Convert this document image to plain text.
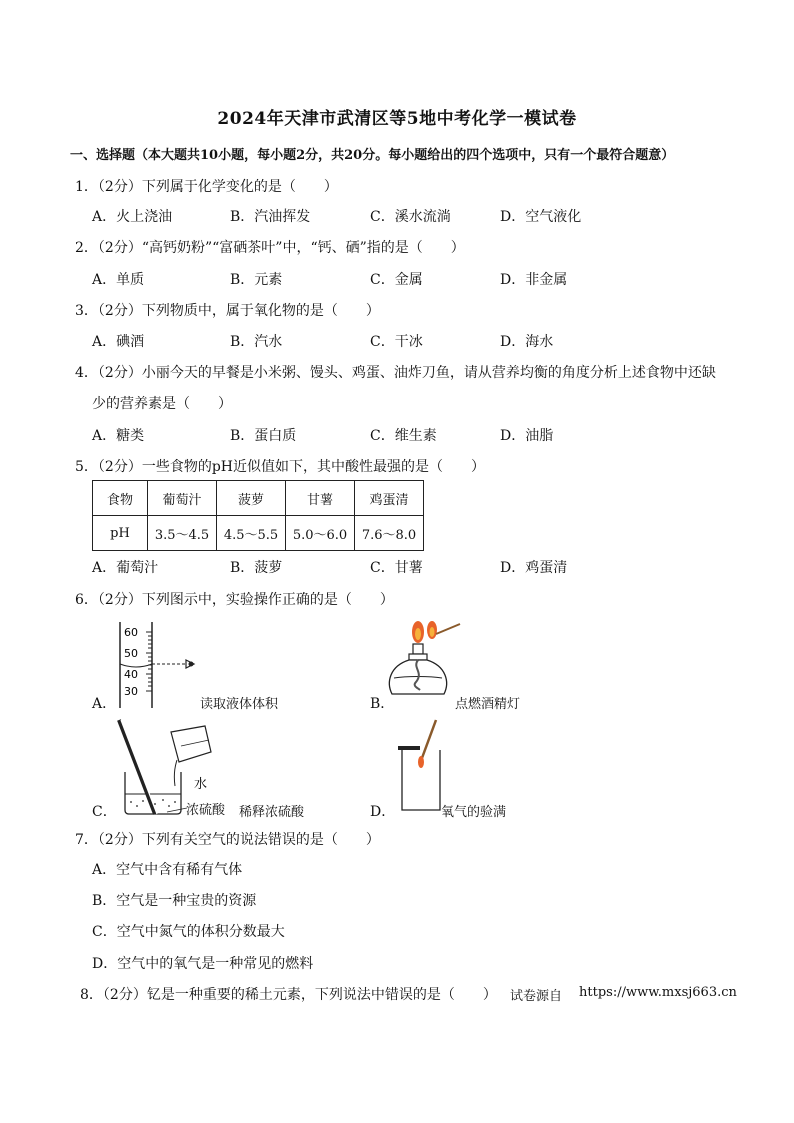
2024年天津市武清区等5地中考化学一模试卷
一、选择题（本大题共10小题，每小题2分，共20分。每小题给出的四个选项中，只有一个最符合题意）
1．（2分）下列属于化学变化的是（　　）
A．火上浇油	B．汽油挥发	C．溪水流淌	D．空气液化
2．（2分）“高钙奶粉”“富硒茶叶”中，“钙、硒”指的是（　　）
A．单质	B．元素	C．金属	D．非金属
3．（2分）下列物质中，属于氧化物的是（　　）
A．碘酒	B．汽水	C．干冰	D．海水
4．（2分）小丽今天的早餐是小米粥、馒头、鸡蛋、油炸刀鱼，请从营养均衡的角度分析上述食物中还缺
少的营养素是（　　）
A．糖类	B．蛋白质	C．维生素	D．油脂
5．（2分）一些食物的pH近似值如下，其中酸性最强的是（　　）
食物	葡萄汁	菠萝	甘薯	鸡蛋清
pH	3.5～4.5	4.5～5.5	5.0～6.0	7.6～8.0
A．葡萄汁	B．菠萝	C．甘薯	D．鸡蛋清
6．（2分）下列图示中，实验操作正确的是（　　）
A．
60
50
40
30
读取液体体积	B．	点燃酒精灯
C．
水
浓硫酸 稀释浓硫酸	D．	氧气的验满
7．（2分）下列有关空气的说法错误的是（　　）
A．空气中含有稀有气体
B．空气是一种宝贵的资源
C．空气中氮气的体积分数最大
D．空气中的氧气是一种常见的燃料
8．（2分）钇是一种重要的稀土元素，下列说法中错误的是（　　） 试卷源自 https://www.mxsj663.cn
